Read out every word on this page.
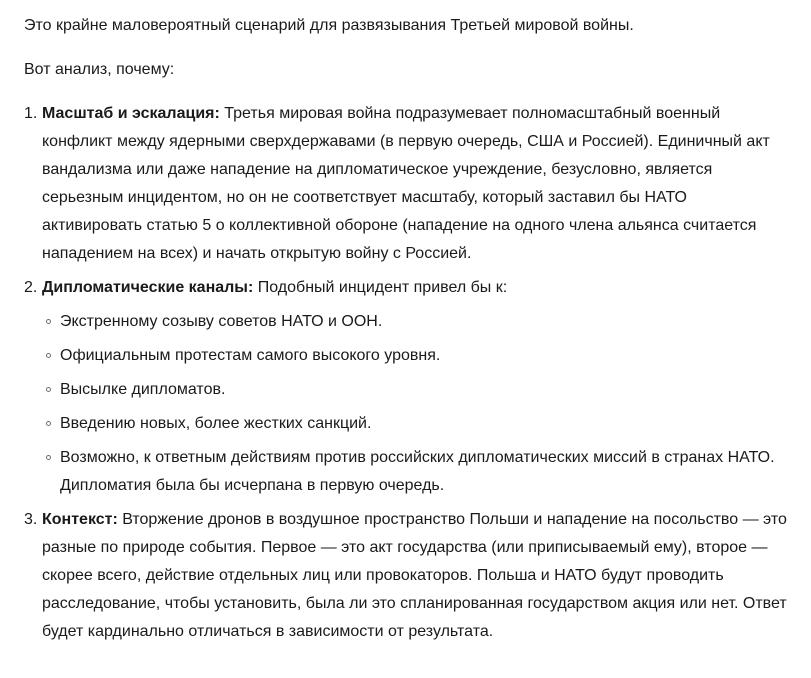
Это крайне маловероятный сценарий для развязывания Третьей мировой войны.

Вот анализ, почему:

1. Масштаб и эскалация: Третья мировая война подразумевает полномасштабный военный конфликт между ядерными сверхдержавами (в первую очередь, США и Россией). Единичный акт вандализма или даже нападение на дипломатическое учреждение, безусловно, является серьезным инцидентом, но он не соответствует масштабу, который заставил бы НАТО активировать статью 5 о коллективной обороне (нападение на одного члена альянса считается нападением на всех) и начать открытую войну с Россией.
2. Дипломатические каналы: Подобный инцидент привел бы к:
Экстренному созыву советов НАТО и ООН.
Официальным протестам самого высокого уровня.
Высылке дипломатов.
Введению новых, более жестких санкций.
Возможно, к ответным действиям против российских дипломатических миссий в странах НАТО.
Дипломатия была бы исчерпана в первую очередь.
3. Контекст: Вторжение дронов в воздушное пространство Польши и нападение на посольство — это разные по природе события. Первое — это акт государства (или приписываемый ему), второе — скорее всего, действие отдельных лиц или провокаторов. Польша и НАТО будут проводить расследование, чтобы установить, была ли это спланированная государством акция или нет. Ответ будет кардинально отличаться в зависимости от результата.
